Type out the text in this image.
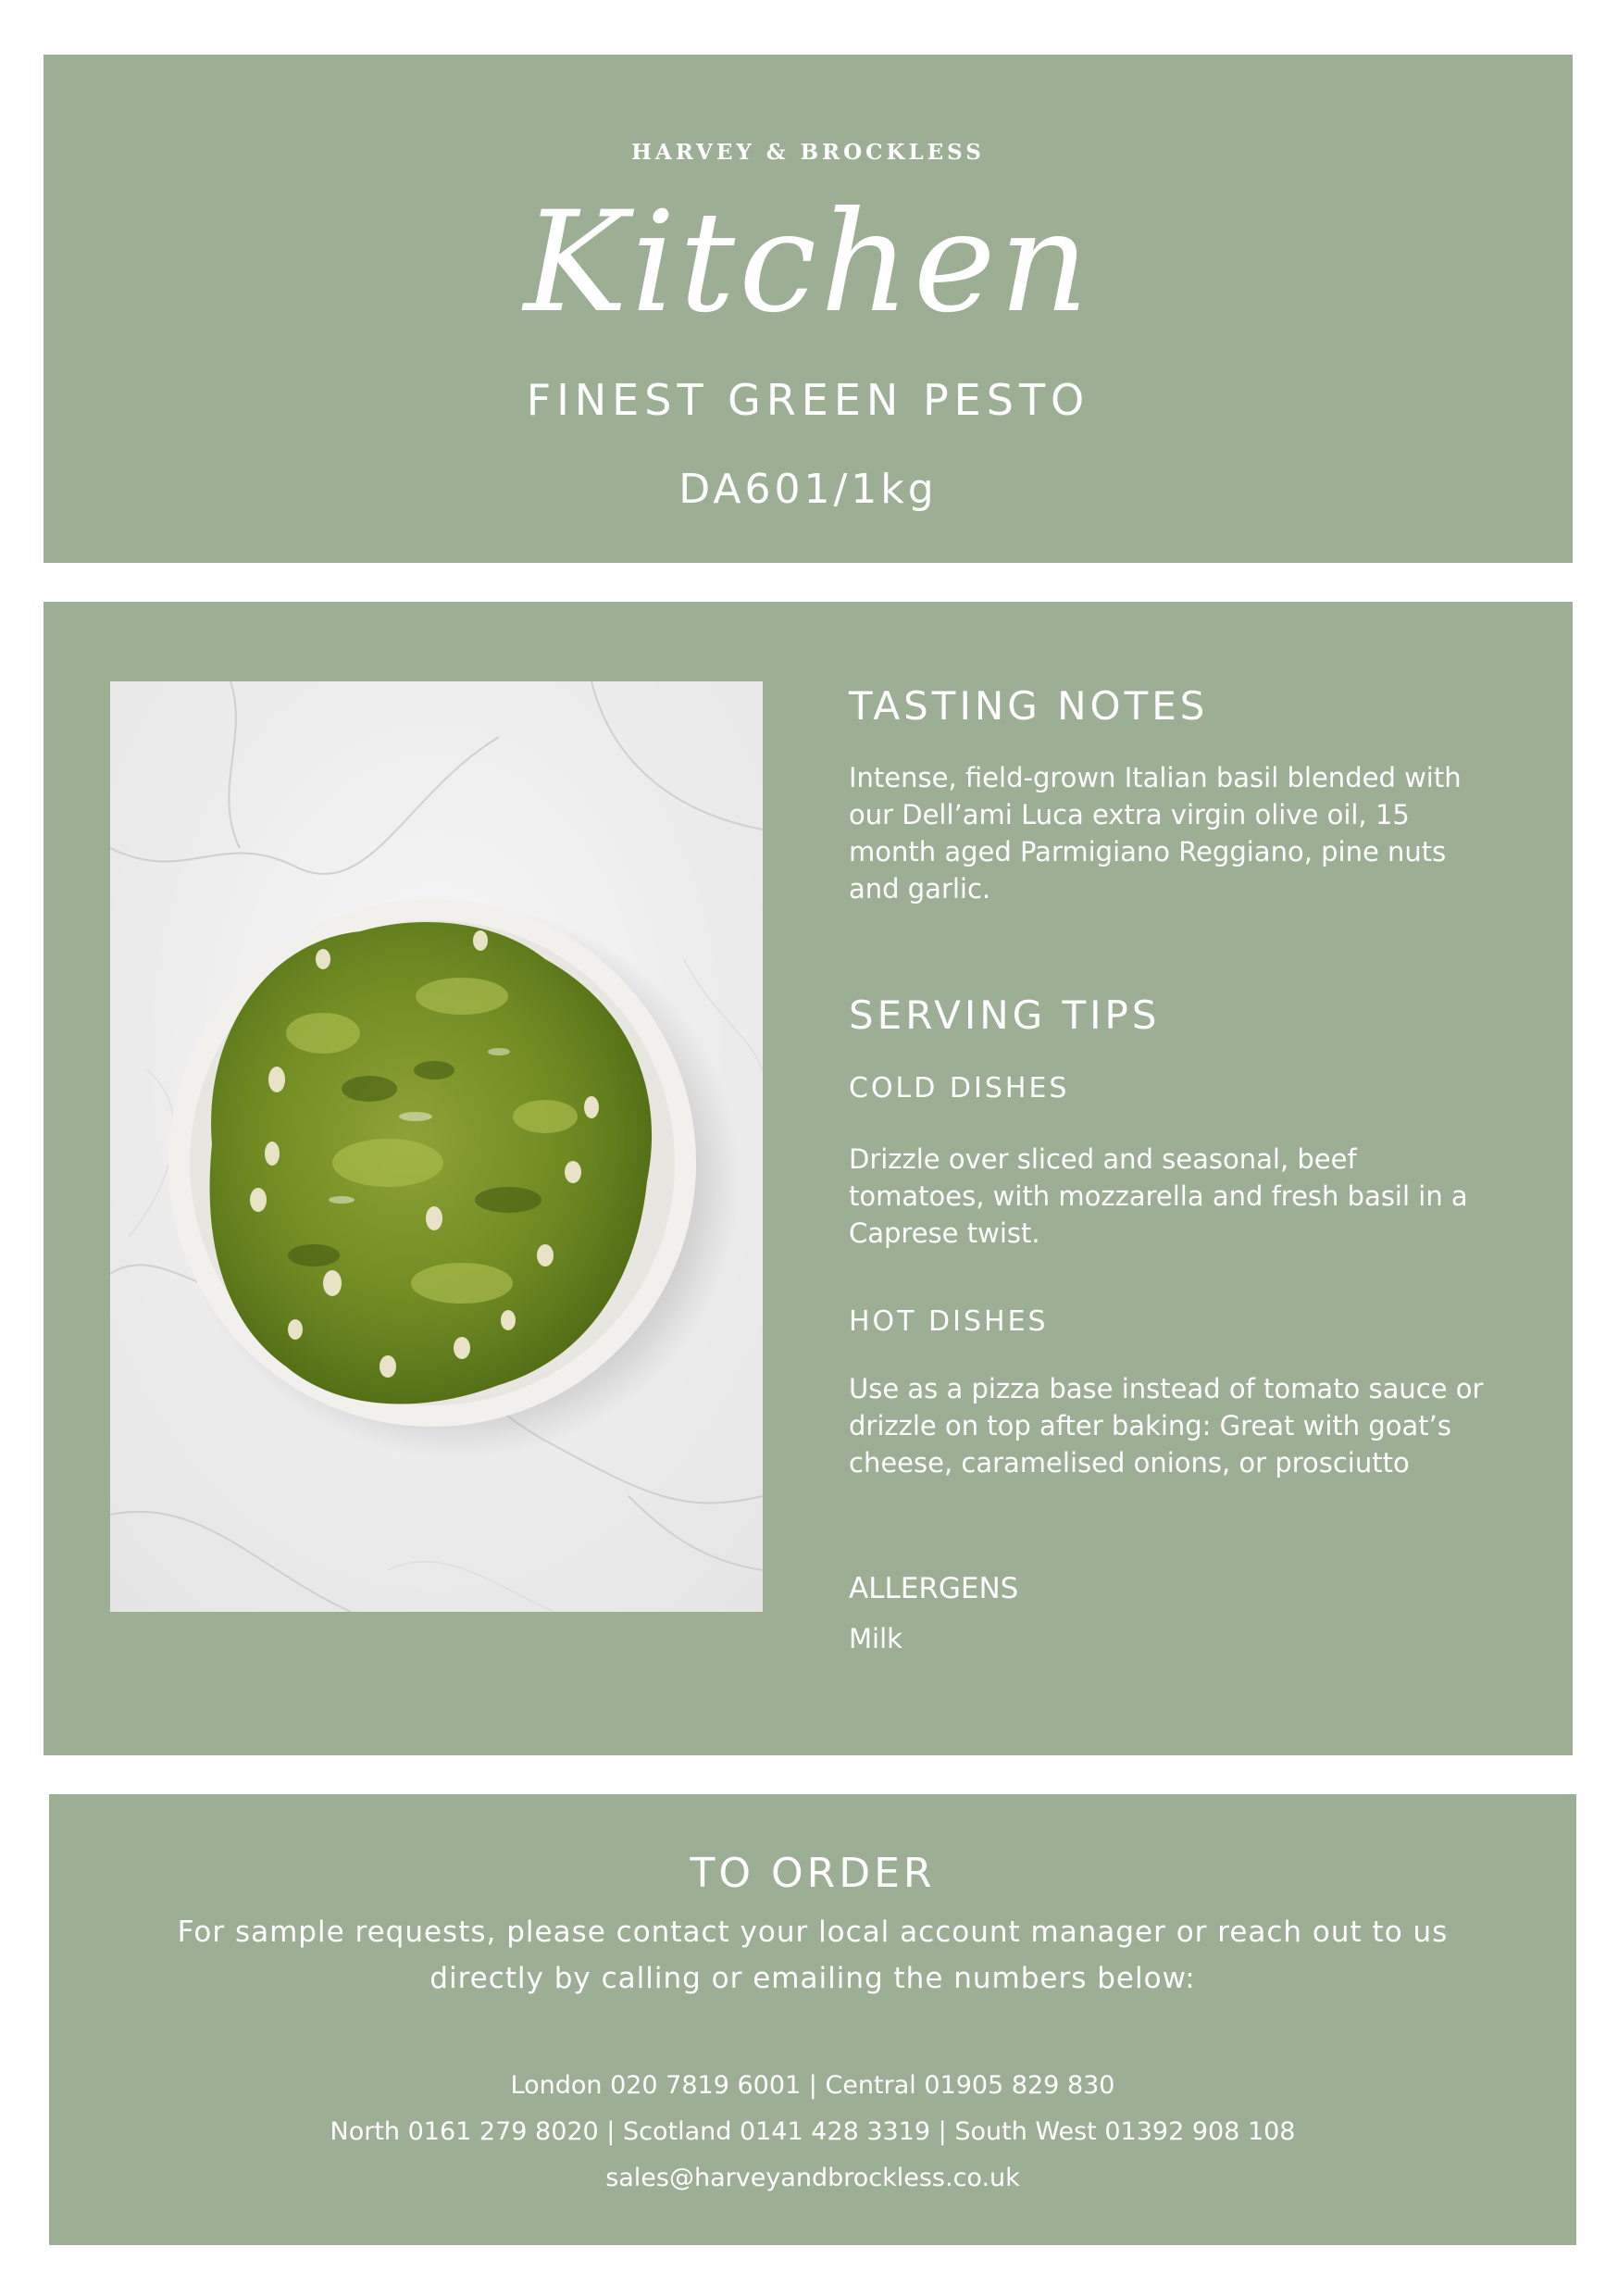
HARVEY & BROCKLESS
Kitchen
FINEST GREEN PESTO
DA601/1kg
TASTING NOTES
Intense, field-grown Italian basil blended with our Dell’ami Luca extra virgin olive oil, 15 month aged Parmigiano Reggiano, pine nuts and garlic.
SERVING TIPS
COLD DISHES
Drizzle over sliced and seasonal, beef tomatoes, with mozzarella and fresh basil in a Caprese twist.
HOT DISHES
Use as a pizza base instead of tomato sauce or drizzle on top after baking: Great with goat’s cheese, caramelised onions, or prosciutto
ALLERGENS
Milk
TO ORDER
For sample requests, please contact your local account manager or reach out to us directly by calling or emailing the numbers below:
London 020 7819 6001 | Central 01905 829 830
North 0161 279 8020 | Scotland 0141 428 3319 | South West 01392 908 108
sales@harveyandbrockless.co.uk
